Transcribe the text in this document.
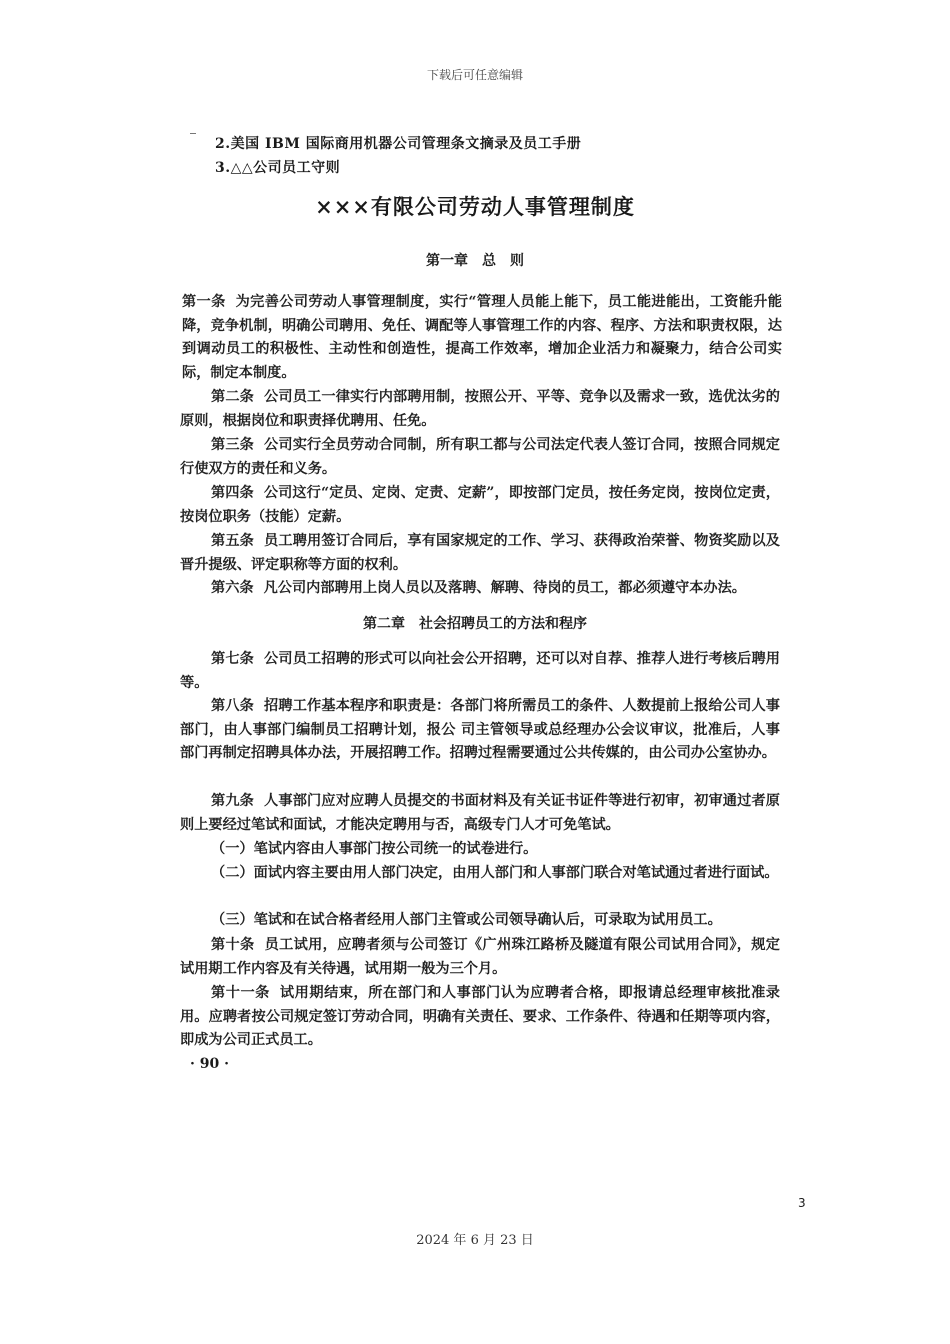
下载后可任意编辑
2.美国 IBM 国际商用机器公司管理条文摘录及员工手册
3.△△公司员工守则
×××有限公司劳动人事管理制度
第一章　总　则
第一条 为完善公司劳动人事管理制度，实行“管理人员能上能下，员工能进能出，工资能升能降，竞争机制，明确公司聘用、免任、调配等人事管理工作的内容、程序、方法和职责权限，达到调动员工的积极性、主动性和创造性，提高工作效率，增加企业活力和凝聚力，结合公司实际，制定本制度。
第二条 公司员工一律实行内部聘用制，按照公开、平等、竞争以及需求一致，选优汰劣的原则，根据岗位和职责择优聘用、任免。
第三条 公司实行全员劳动合同制，所有职工都与公司法定代表人签订合同，按照合同规定行使双方的责任和义务。
第四条 公司这行“定员、定岗、定责、定薪”，即按部门定员，按任务定岗，按岗位定责，按岗位职务（技能）定薪。
第五条 员工聘用签订合同后，享有国家规定的工作、学习、获得政治荣誉、物资奖励以及晋升提级、评定职称等方面的权利。
第六条 凡公司内部聘用上岗人员以及落聘、解聘、待岗的员工，都必须遵守本办法。
第二章　社会招聘员工的方法和程序
第七条 公司员工招聘的形式可以向社会公开招聘，还可以对自荐、推荐人进行考核后聘用等。
第八条 招聘工作基本程序和职责是：各部门将所需员工的条件、人数提前上报给公司人事部门，由人事部门编制员工招聘计划，报公 司主管领导或总经理办公会议审议，批准后，人事部门再制定招聘具体办法，开展招聘工作。招聘过程需要通过公共传媒的，由公司办公室协办。
第九条 人事部门应对应聘人员提交的书面材料及有关证书证件等进行初审，初审通过者原则上要经过笔试和面试，才能决定聘用与否，高级专门人才可免笔试。
（一）笔试内容由人事部门按公司统一的试卷进行。
（二）面试内容主要由用人部门决定，由用人部门和人事部门联合对笔试通过者进行面试。
（三）笔试和在试合格者经用人部门主管或公司领导确认后，可录取为试用员工。
第十条 员工试用，应聘者须与公司签订《广州珠江路桥及隧道有限公司试用合同》，规定试用期工作内容及有关待遇，试用期一般为三个月。
第十一条 试用期结束，所在部门和人事部门认为应聘者合格，即报请总经理审核批准录用。应聘者按公司规定签订劳动合同，明确有关责任、要求、工作条件、待遇和任期等项内容，即成为公司正式员工。
· 90 ·
3
2024 年 6 月 23 日
